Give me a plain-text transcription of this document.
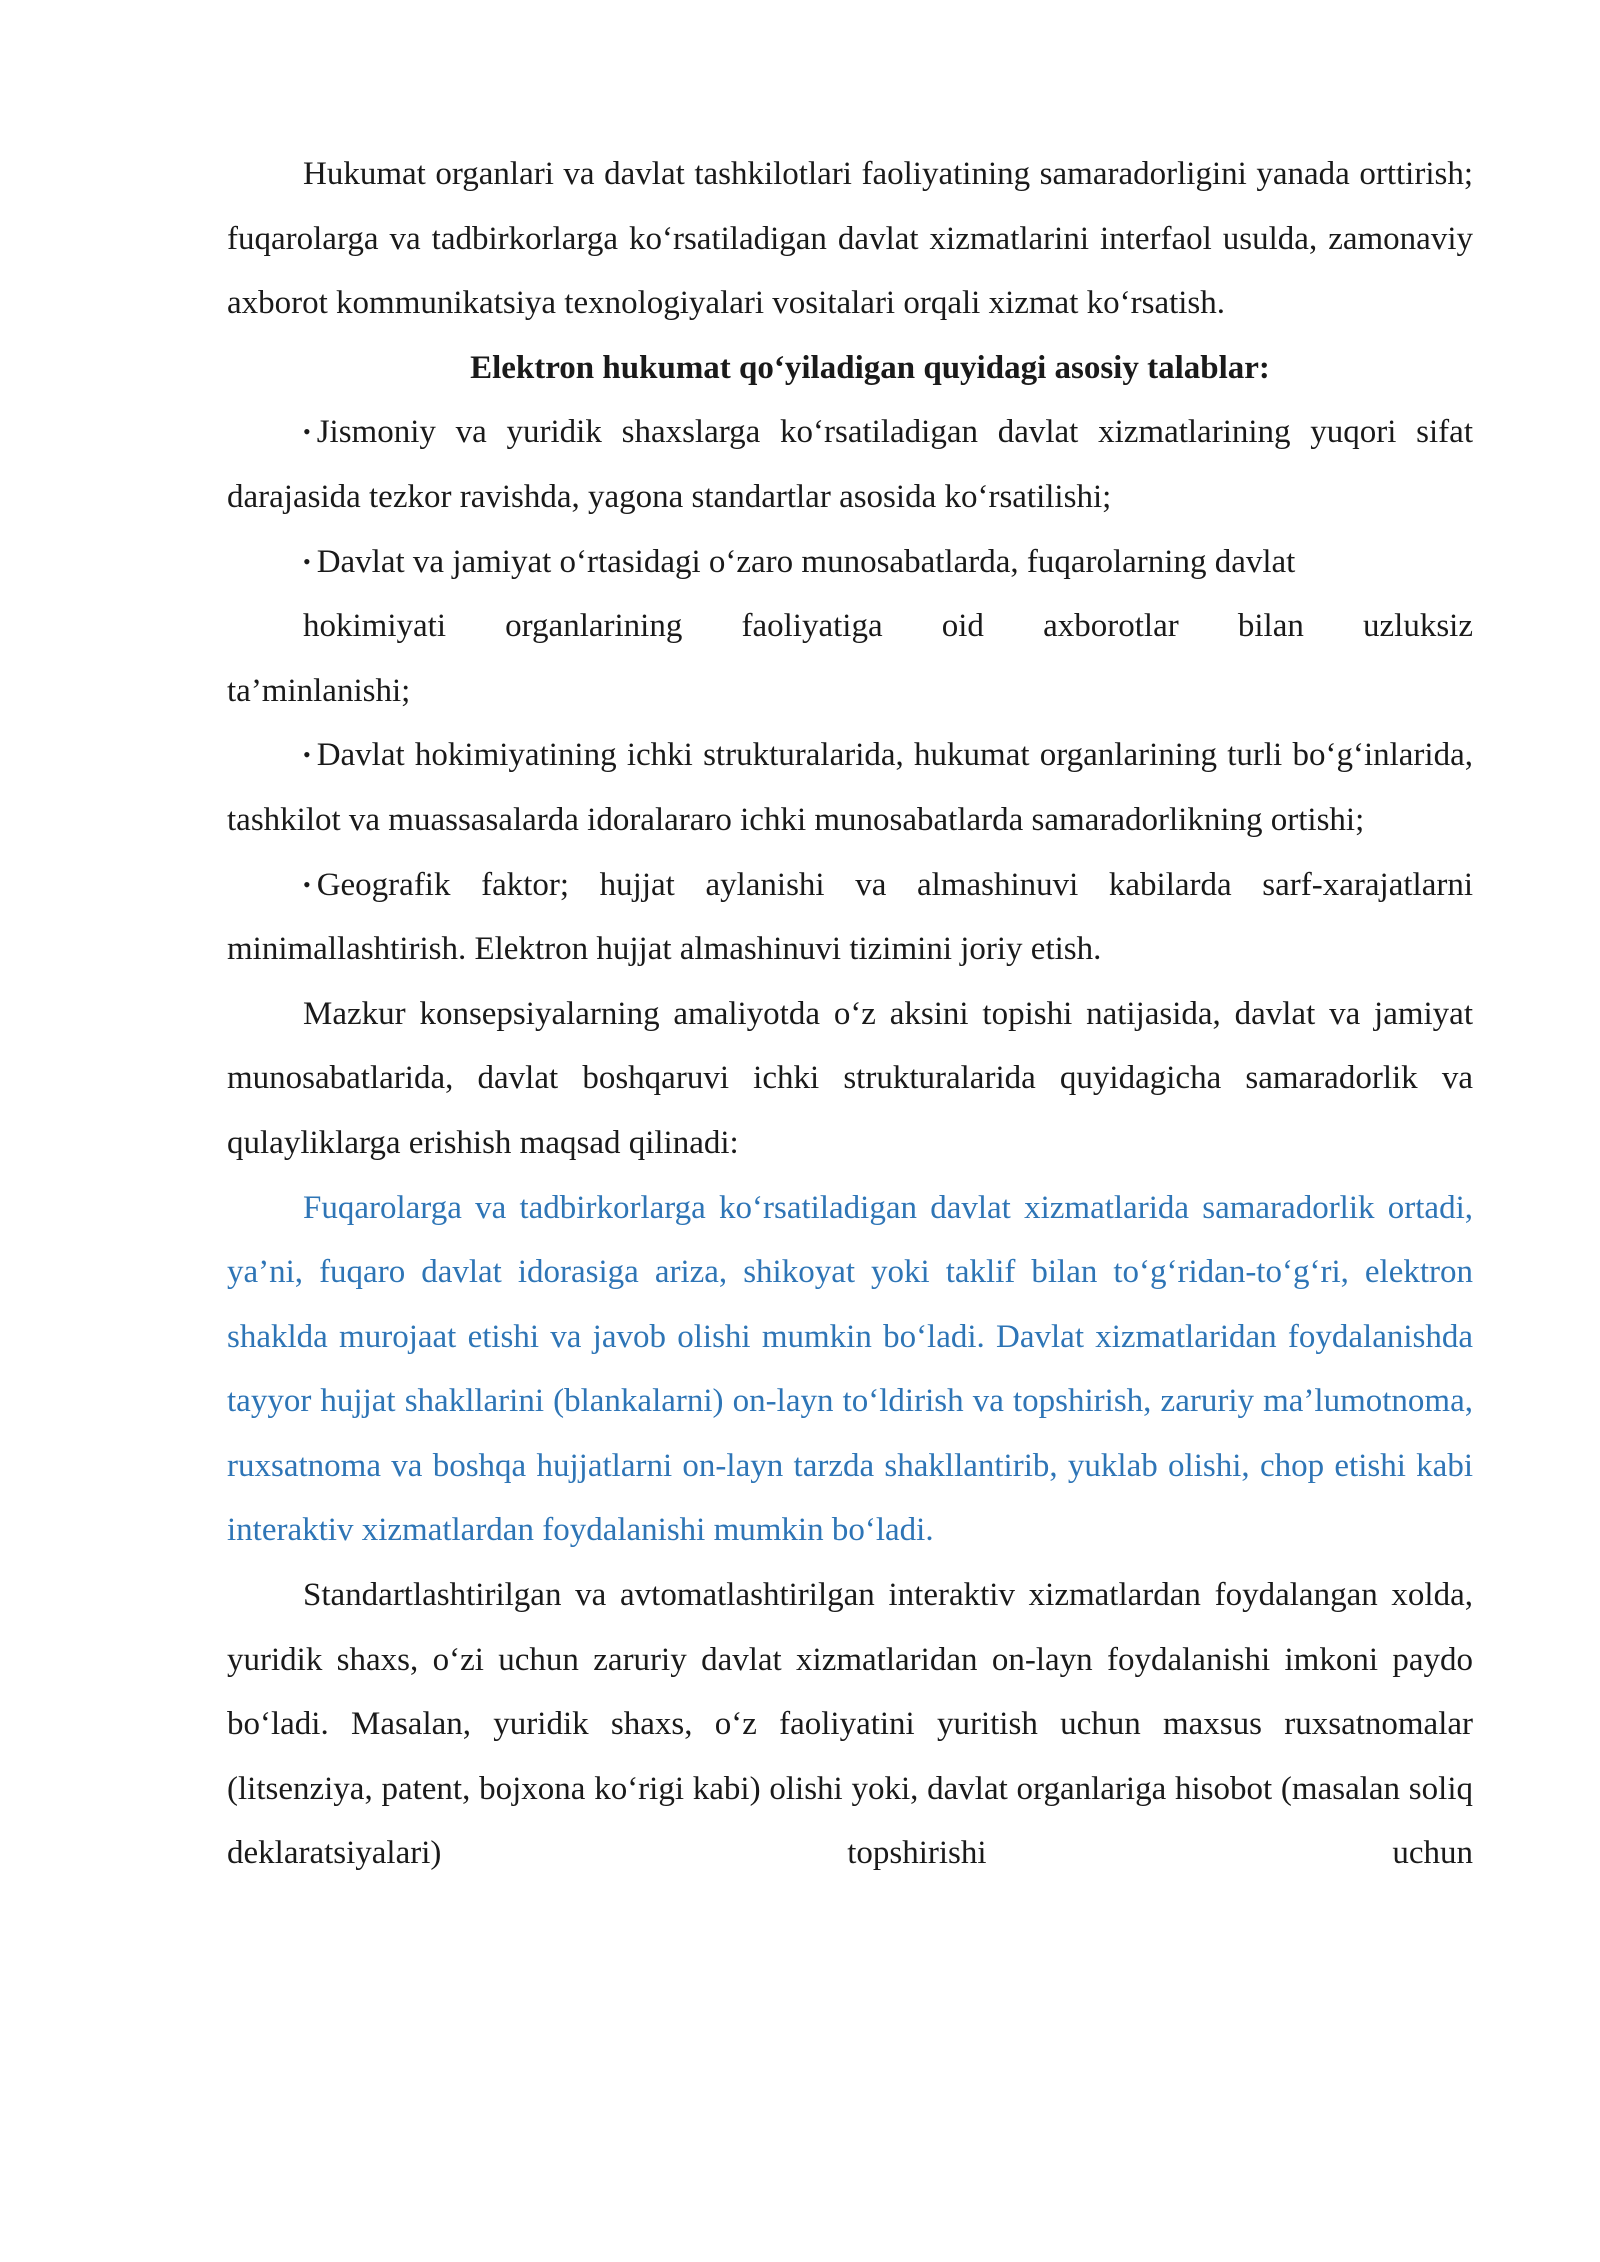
Hukumat organlari va davlat tashkilotlari faoliyatining samaradorligini yanada orttirish; fuqarolarga va tadbirkorlarga ko‘rsatiladigan davlat xizmatlarini interfaol usulda, zamonaviy axborot kommunikatsiya texnologiyalari vositalari orqali xizmat ko‘rsatish.

Elektron hukumat qo‘yiladigan quyidagi asosiy talablar:

• Jismoniy va yuridik shaxslarga ko‘rsatiladigan davlat xizmatlarining yuqori sifat darajasida tezkor ravishda, yagona standartlar asosida ko‘rsatilishi;

• Davlat va jamiyat o‘rtasidagi o‘zaro munosabatlarda, fuqarolarning davlat

hokimiyati organlarining faoliyatiga oid axborotlar bilan uzluksiz

ta’minlanishi;

• Davlat hokimiyatining ichki strukturalarida, hukumat organlarining turli bo‘g‘inlarida, tashkilot va muassasalarda idoralararo ichki munosabatlarda samaradorlikning ortishi;

• Geografik faktor; hujjat aylanishi va almashinuvi kabilarda sarf-xarajatlarni minimallashtirish. Elektron hujjat almashinuvi tizimini joriy etish.

Mazkur konsepsiyalarning amaliyotda o‘z aksini topishi natijasida, davlat va jamiyat munosabatlarida, davlat boshqaruvi ichki strukturalarida quyidagicha samaradorlik va qulayliklarga erishish maqsad qilinadi:

Fuqarolarga va tadbirkorlarga ko‘rsatiladigan davlat xizmatlarida samaradorlik ortadi, ya’ni, fuqaro davlat idorasiga ariza, shikoyat yoki taklif bilan to‘g‘ridan-to‘g‘ri, elektron shaklda murojaat etishi va javob olishi mumkin bo‘ladi. Davlat xizmatlaridan foydalanishda tayyor hujjat shakllarini (blankalarni) on-layn to‘ldirish va topshirish, zaruriy ma’lumotnoma, ruxsatnoma va boshqa hujjatlarni on-layn tarzda shakllantirib, yuklab olishi, chop etishi kabi interaktiv xizmatlardan foydalanishi mumkin bo‘ladi.

Standartlashtirilgan va avtomatlashtirilgan interaktiv xizmatlardan foydalangan xolda, yuridik shaxs, o‘zi uchun zaruriy davlat xizmatlaridan on-layn foydalanishi imkoni paydo bo‘ladi. Masalan, yuridik shaxs, o‘z faoliyatini yuritish uchun maxsus ruxsatnomalar (litsenziya, patent, bojxona ko‘rigi kabi) olishi yoki, davlat organlariga hisobot (masalan soliq deklaratsiyalari) topshirishi uchun
